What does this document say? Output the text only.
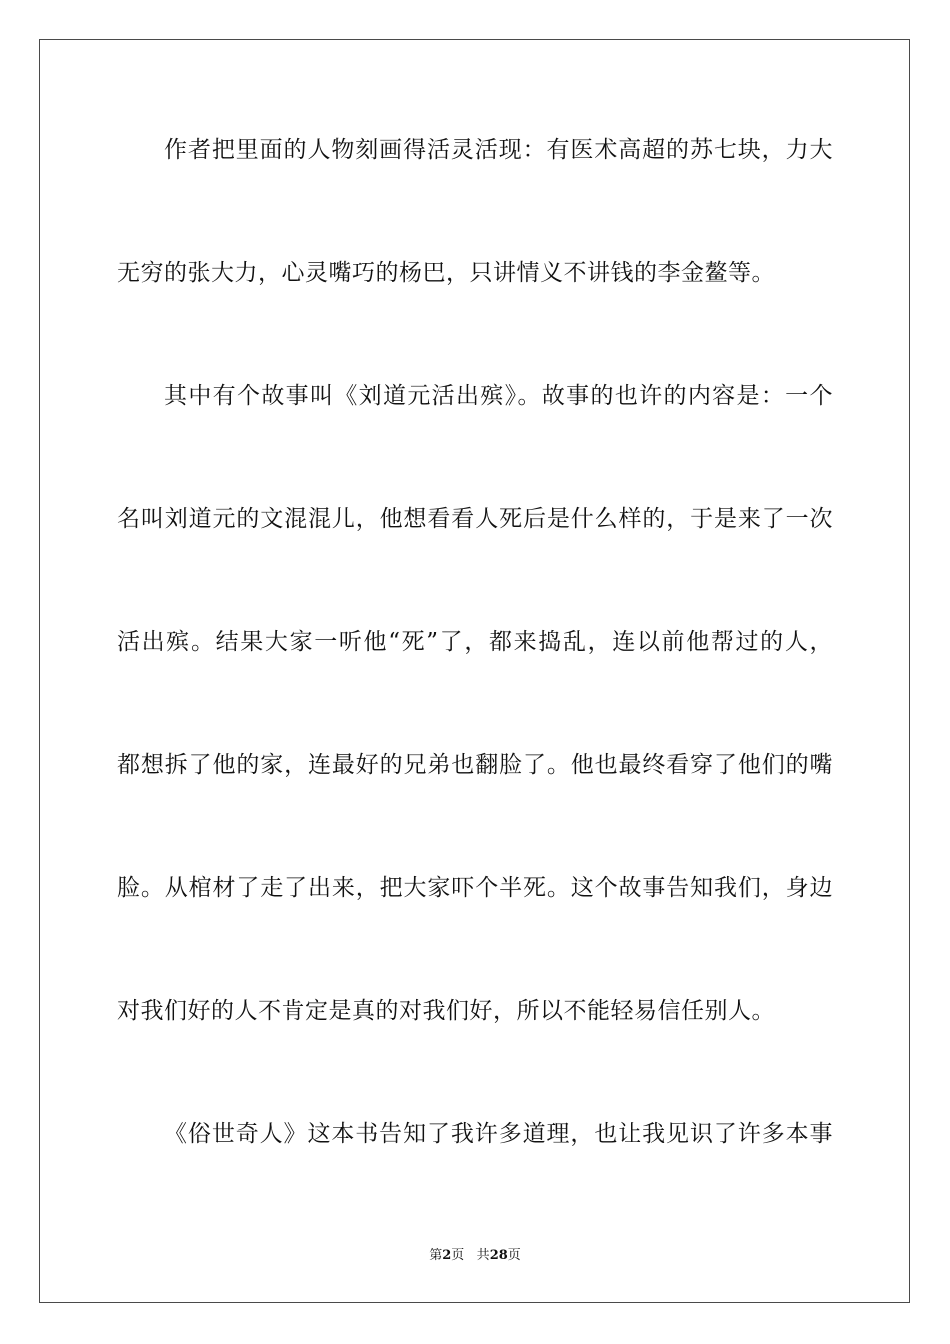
作者把里面的人物刻画得活灵活现：有医术高超的苏七块，力大
无穷的张大力，心灵嘴巧的杨巴，只讲情义不讲钱的李金鳌等。
其中有个故事叫《刘道元活出殡》。故事的也许的内容是：一个
名叫刘道元的文混混儿，他想看看人死后是什么样的，于是来了一次
活出殡。结果大家一听他“死”了，都来捣乱，连以前他帮过的人，
都想拆了他的家，连最好的兄弟也翻脸了。他也最终看穿了他们的嘴
脸。从棺材了走了出来，把大家吓个半死。这个故事告知我们，身边
对我们好的人不肯定是真的对我们好，所以不能轻易信任别人。
《俗世奇人》这本书告知了我许多道理，也让我见识了许多本事
第2页 共28页
